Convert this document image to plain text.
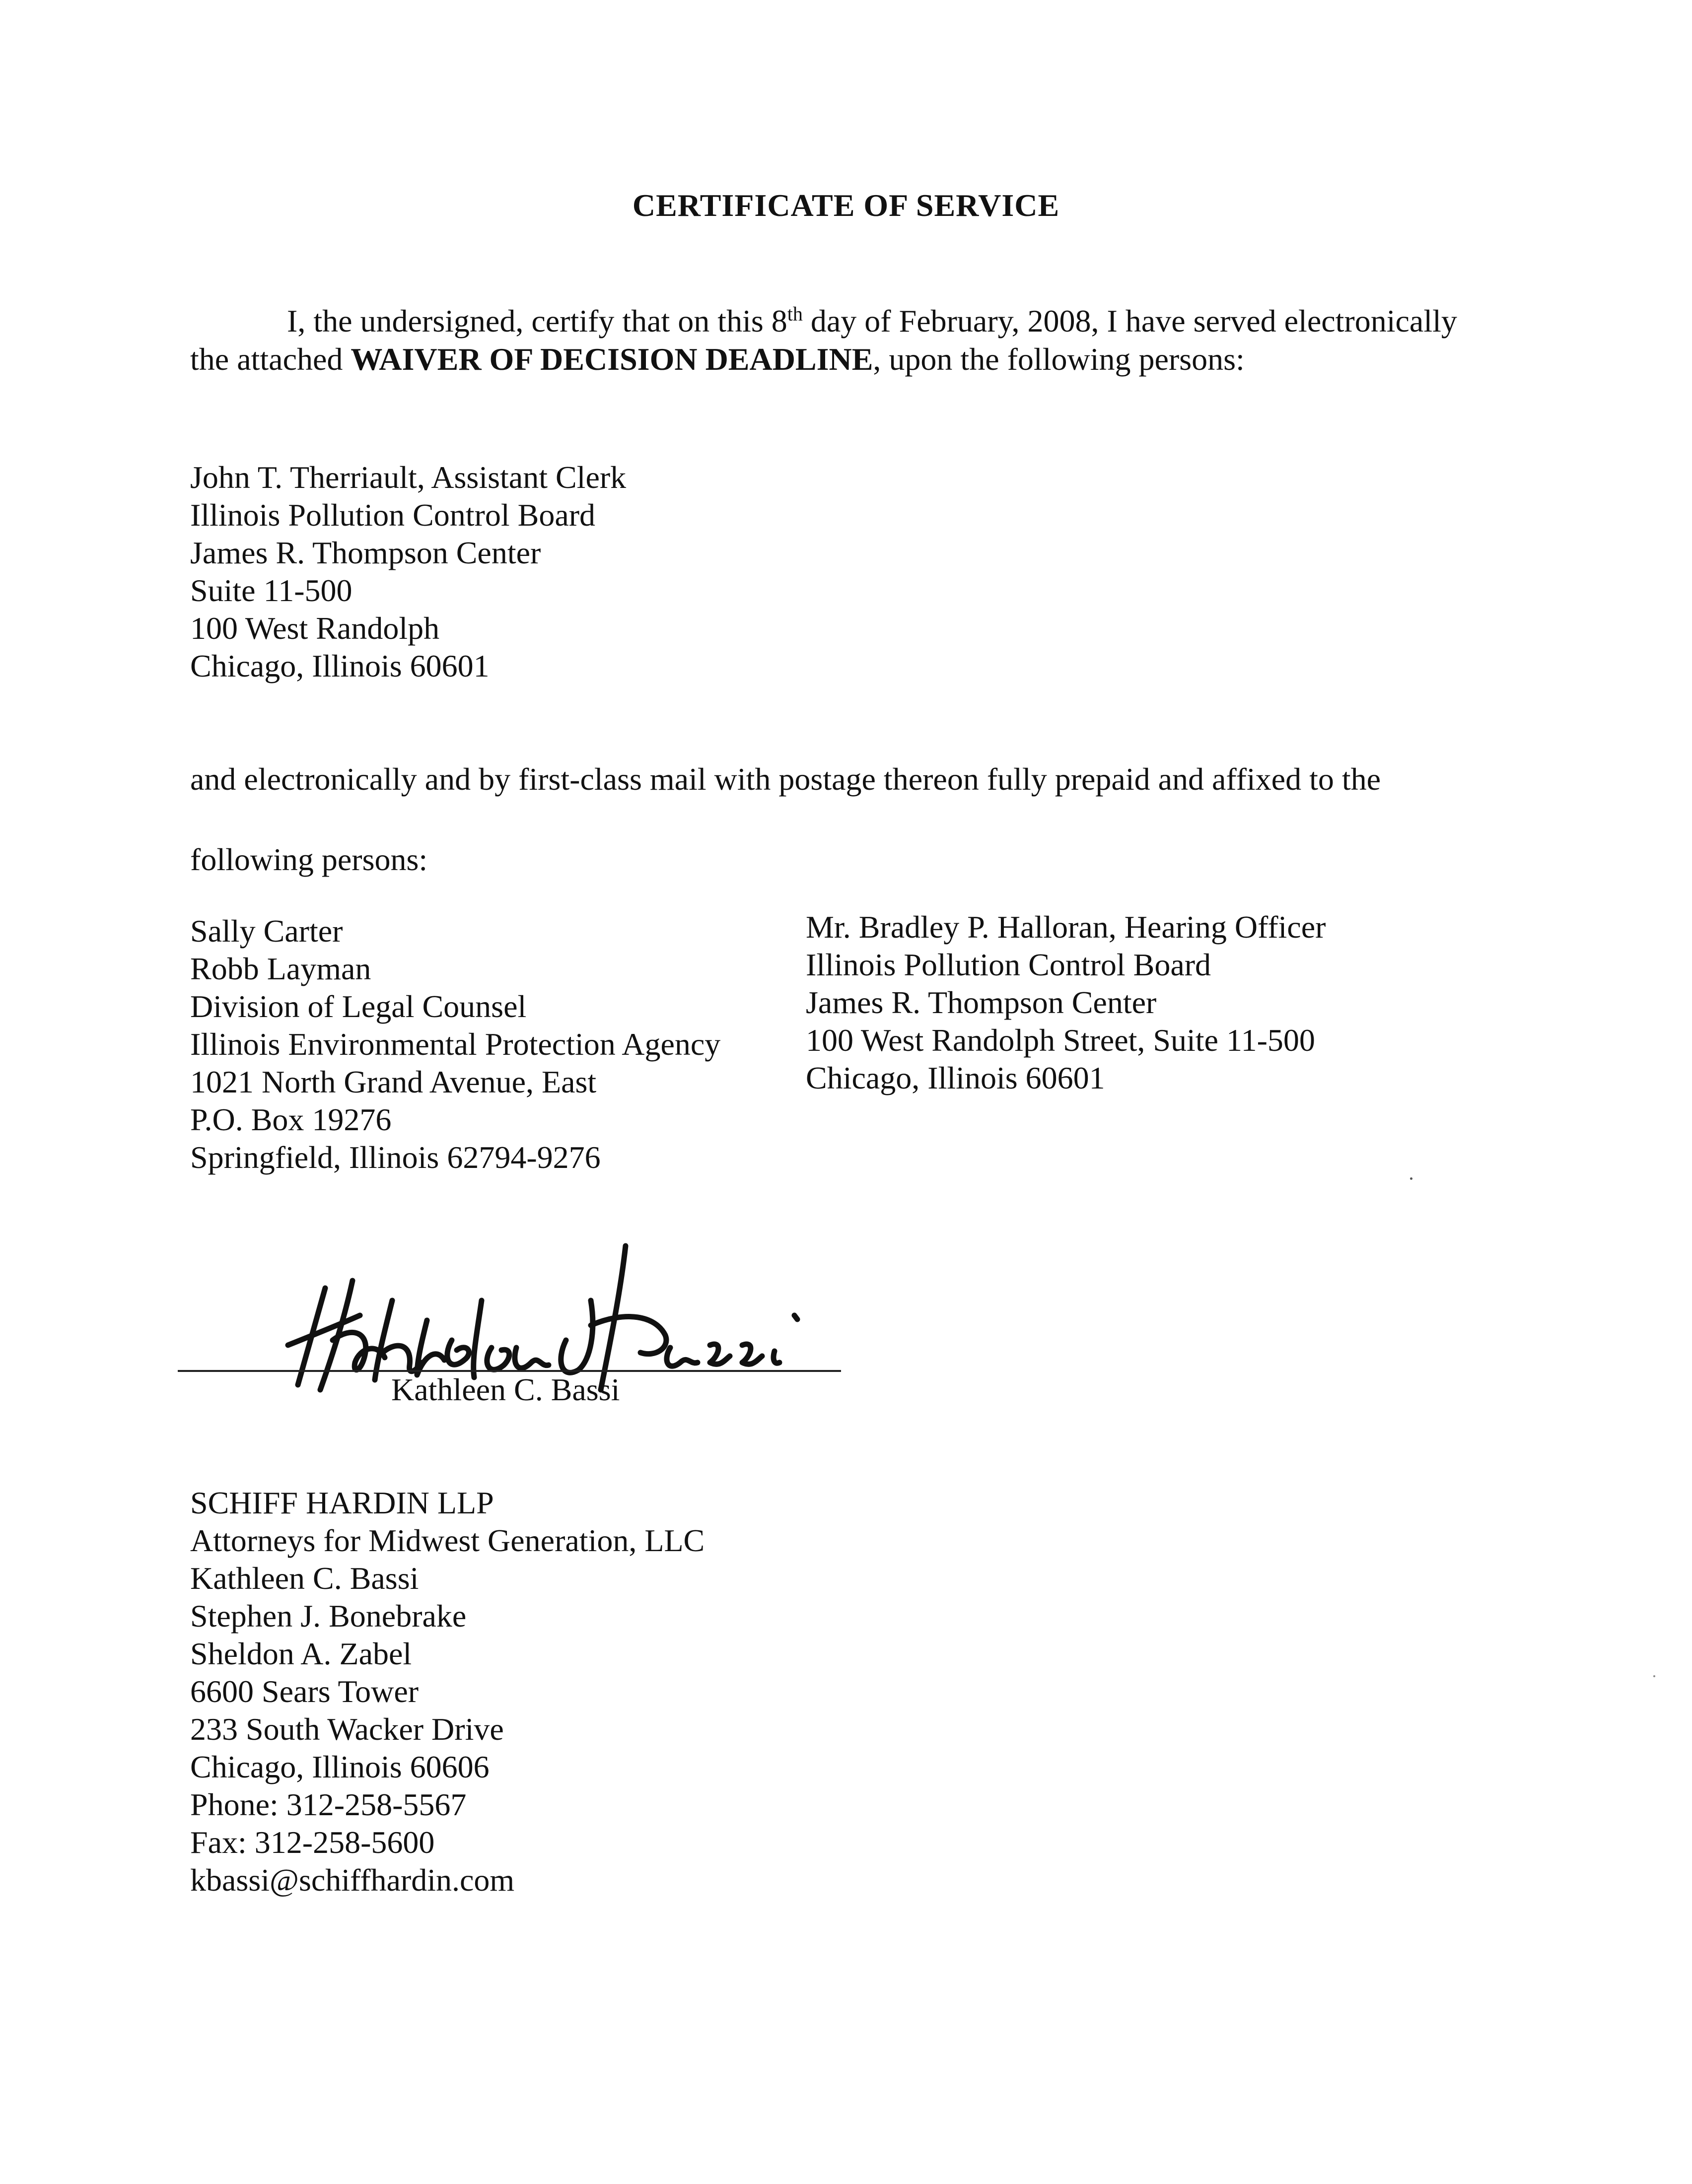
CERTIFICATE OF SERVICE

I, the undersigned, certify that on this 8th day of February, 2008, I have served electronically the attached WAIVER OF DECISION DEADLINE, upon the following persons:

John T. Therriault, Assistant Clerk
Illinois Pollution Control Board
James R. Thompson Center
Suite 11-500
100 West Randolph
Chicago, Illinois 60601

and electronically and by first-class mail with postage thereon fully prepaid and affixed to the

following persons:

Sally Carter
Robb Layman
Division of Legal Counsel
Illinois Environmental Protection Agency
1021 North Grand Avenue, East
P.O. Box 19276
Springfield, Illinois 62794-9276
Mr. Bradley P. Halloran, Hearing Officer
Illinois Pollution Control Board
James R. Thompson Center
100 West Randolph Street, Suite 11-500
Chicago, Illinois 60601

Kathleen C. Bassi

SCHIFF HARDIN LLP
Attorneys for Midwest Generation, LLC
Kathleen C. Bassi
Stephen J. Bonebrake
Sheldon A. Zabel
6600 Sears Tower
233 South Wacker Drive
Chicago, Illinois 60606
Phone: 312-258-5567
Fax: 312-258-5600
kbassi@schiffhardin.com
